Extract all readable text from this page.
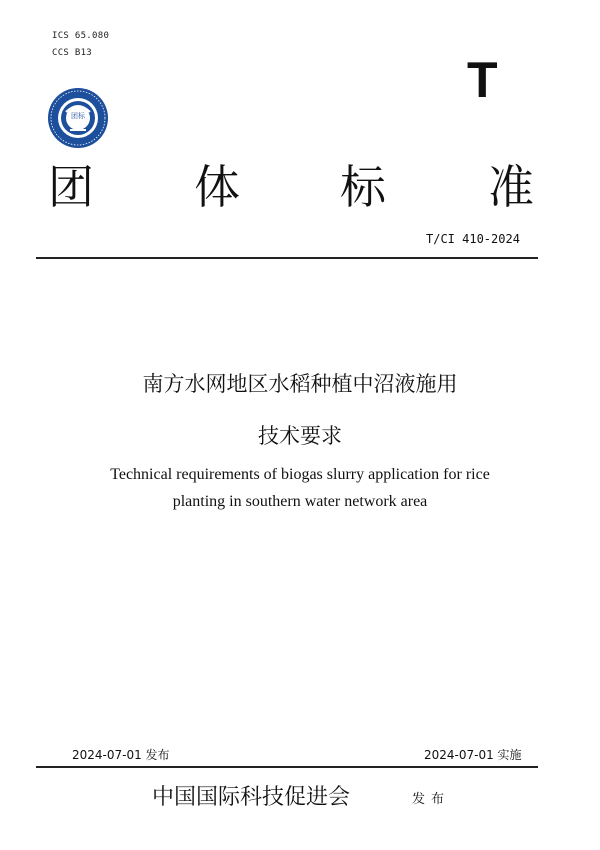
ICS 65.080
CCS B13
团标
T
团 体 标 准
T/CI 410-2024
南方水网地区水稻种植中沼液施用
技术要求
Technical requirements of biogas slurry application for rice
planting in southern water network area
2024-07-01 发布	2024-07-01 实施
中国国际科技促进会	发布
